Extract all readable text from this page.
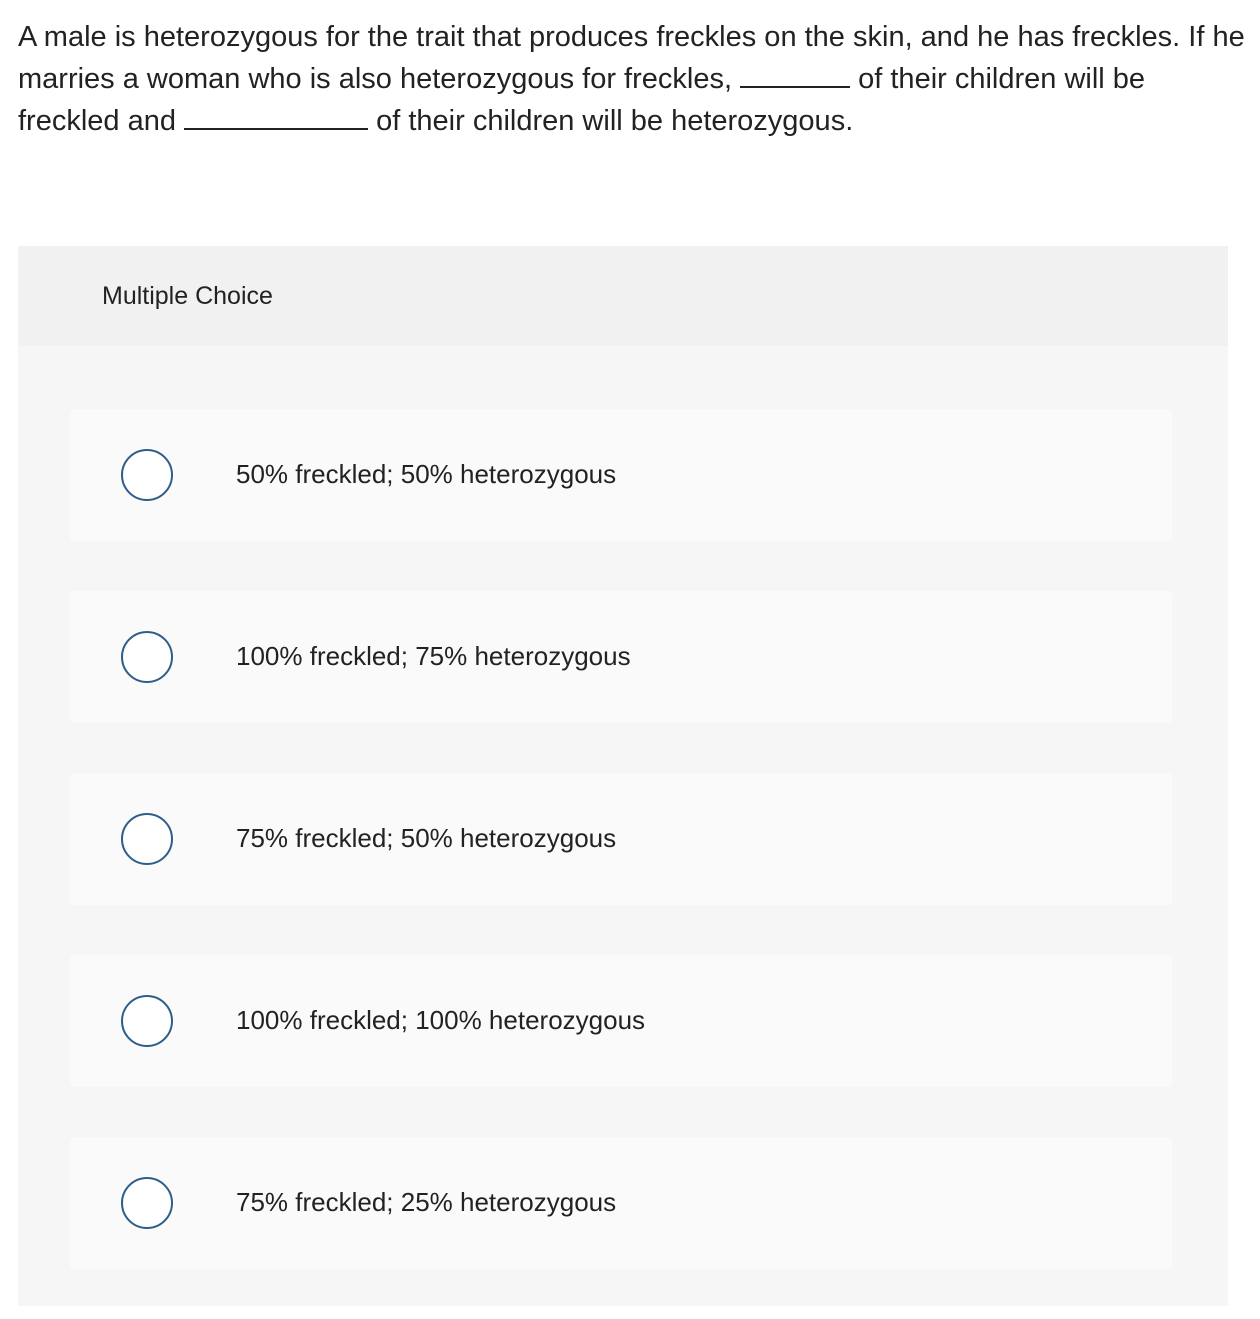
A male is heterozygous for the trait that produces freckles on the skin, and he has freckles. If he marries a woman who is also heterozygous for freckles,	of their children will be freckled and	of their children will be heterozygous.

Multiple Choice
50% freckled; 50% heterozygous
100% freckled; 75% heterozygous
75% freckled; 50% heterozygous
100% freckled; 100% heterozygous
75% freckled; 25% heterozygous
